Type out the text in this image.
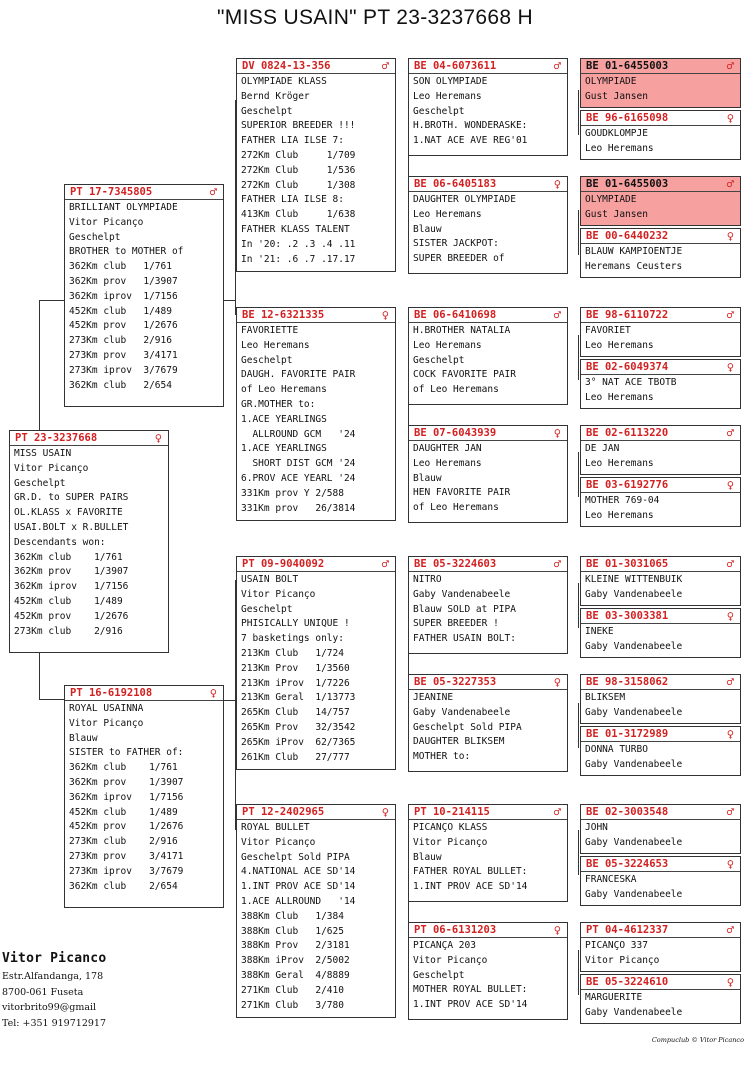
"MISS USAIN" PT 23-3237668 H
PT 23-3237668	♀
MISS USAIN
Vitor Picanço
Geschelpt
GR.D. to SUPER PAIRS
OL.KLASS x FAVORITE
USAI.BOLT x R.BULLET
Descendants won:
362Km club    1/761
362Km prov    1/3907
362Km iprov   1/7156
452Km club    1/489
452Km prov    1/2676
273Km club    2/916
PT 17-7345805	♂
BRILLIANT OLYMPIADE
Vitor Picanço
Geschelpt
BROTHER to MOTHER of
362Km club   1/761
362Km prov   1/3907
362Km iprov  1/7156
452Km club   1/489
452Km prov   1/2676
273Km club   2/916
273Km prov   3/4171
273Km iprov  3/7679
362Km club   2/654
PT 16-6192108	♀
ROYAL USAINNA
Vitor Picanço
Blauw
SISTER to FATHER of:
362Km club    1/761
362Km prov    1/3907
362Km iprov   1/7156
452Km club    1/489
452Km prov    1/2676
273Km club    2/916
273Km prov    3/4171
273Km iprov   3/7679
362Km club    2/654
DV 0824-13-356	♂
OLYMPIADE KLASS
Bernd Kröger
Geschelpt
SUPERIOR BREEDER !!!
FATHER LIA ILSE 7:
272Km Club     1/709
272Km Club     1/536
272Km Club     1/308
FATHER LIA ILSE 8:
413Km Club     1/638
FATHER KLASS TALENT
In '20: .2 .3 .4 .11
In '21: .6 .7 .17.17
BE 12-6321335	♀
FAVORIETTE
Leo Heremans
Geschelpt
DAUGH. FAVORITE PAIR
of Leo Heremans
GR.MOTHER to:
1.ACE YEARLINGS
ALLROUND GCM   '24
1.ACE YEARLINGS
SHORT DIST GCM '24
6.PROV ACE YEARL '24
331Km prov Y 2/588
331Km prov   26/3814
PT 09-9040092	♂
USAIN BOLT
Vitor Picanço
Geschelpt
PHISICALLY UNIQUE !
7 basketings only:
213Km Club   1/724
213Km Prov   1/3560
213Km iProv  1/7226
213Km Geral  1/13773
265Km Club   14/757
265Km Prov   32/3542
265Km iProv  62/7365
261Km Club   27/777
PT 12-2402965	♀
ROYAL BULLET
Vitor Picanço
Geschelpt Sold PIPA
4.NATIONAL ACE SD'14
1.INT PROV ACE SD'14
1.ACE ALLROUND   '14
388Km Club   1/384
388Km Club   1/625
388Km Prov   2/3181
388Km iProv  2/5002
388Km Geral  4/8889
271Km Club   2/410
271Km Club   3/780
BE 04-6073611	♂
SON OLYMPIADE
Leo Heremans
Geschelpt
H.BROTH. WONDERASKE:
1.NAT ACE AVE REG'01
BE 06-6405183	♀
DAUGHTER OLYMPIADE
Leo Heremans
Blauw
SISTER JACKPOT:
SUPER BREEDER of
BE 06-6410698	♂
H.BROTHER NATALIA
Leo Heremans
Geschelpt
COCK FAVORITE PAIR
of Leo Heremans
BE 07-6043939	♀
DAUGHTER JAN
Leo Heremans
Blauw
HEN FAVORITE PAIR
of Leo Heremans
BE 05-3224603	♂
NITRO
Gaby Vandenabeele
Blauw SOLD at PIPA
SUPER BREEDER !
FATHER USAIN BOLT:
BE 05-3227353	♀
JEANINE
Gaby Vandenabeele
Geschelpt Sold PIPA
DAUGHTER BLIKSEM
MOTHER to:
PT 10-214115	♂
PICANÇO KLASS
Vitor Picanço
Blauw
FATHER ROYAL BULLET:
1.INT PROV ACE SD'14
PT 06-6131203	♀
PICANÇA 203
Vitor Picanço
Geschelpt
MOTHER ROYAL BULLET:
1.INT PROV ACE SD'14
BE 01-6455003	♂
OLYMPIADE
Gust Jansen
BE 96-6165098	♀
GOUDKLOMPJE
Leo Heremans
BE 01-6455003	♂
OLYMPIADE
Gust Jansen
BE 00-6440232	♀
BLAUW KAMPIOENTJE
Heremans Ceusters
BE 98-6110722	♂
FAVORIET
Leo Heremans
BE 02-6049374	♀
3° NAT ACE TBOTB
Leo Heremans
BE 02-6113220	♂
DE JAN
Leo Heremans
BE 03-6192776	♀
MOTHER 769-04
Leo Heremans
BE 01-3031065	♂
KLEINE WITTENBUIK
Gaby Vandenabeele
BE 03-3003381	♀
INEKE
Gaby Vandenabeele
BE 98-3158062	♂
BLIKSEM
Gaby Vandenabeele
BE 01-3172989	♀
DONNA TURBO
Gaby Vandenabeele
BE 02-3003548	♂
JOHN
Gaby Vandenabeele
BE 05-3224653	♀
FRANCESKA
Gaby Vandenabeele
PT 04-4612337	♂
PICANÇO 337
Vitor Picanço
BE 05-3224610	♀
MARGUERITE
Gaby Vandenabeele
Vitor Picanco
Estr.Alfandanga, 178
8700-061 Fuseta
vitorbrito99@gmail
Tel: +351 919712917
Compuclub © Vitor Picanco
